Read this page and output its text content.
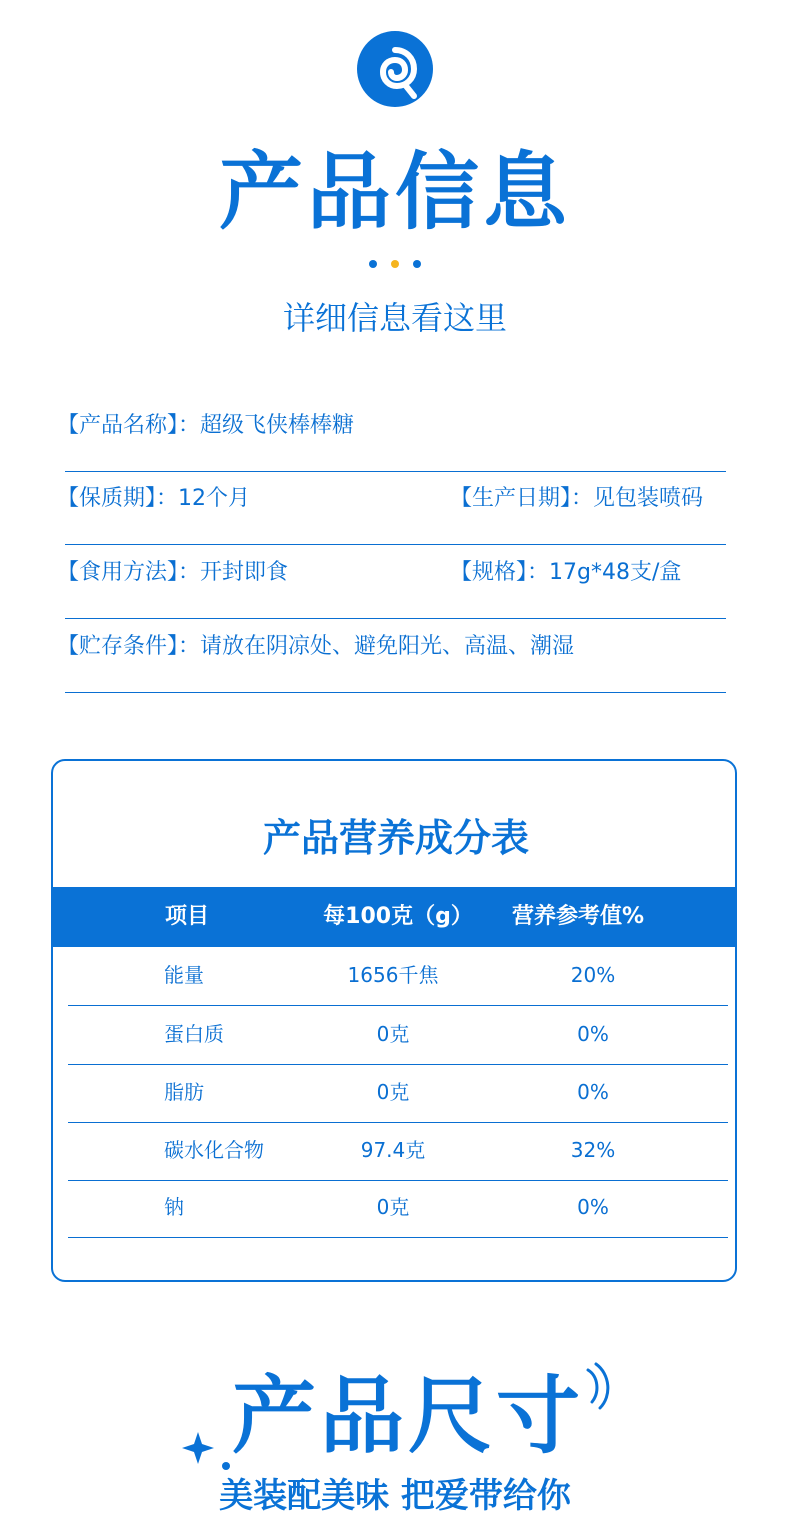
产品信息
详细信息看这里
【产品名称】：超级飞侠棒棒糖
【保质期】：12个月	【生产日期】：见包装喷码
【食用方法】：开封即食	【规格】：17g*48支/盒
【贮存条件】：请放在阴凉处、避免阳光、高温、潮湿
产品营养成分表
项目	每100克（g）	营养参考值%
能量	1656千焦	20%
蛋白质	0克	0%
脂肪	0克	0%
碳水化合物	97.4克	32%
钠	0克	0%
产品尺寸
美装配美味 把爱带给你
